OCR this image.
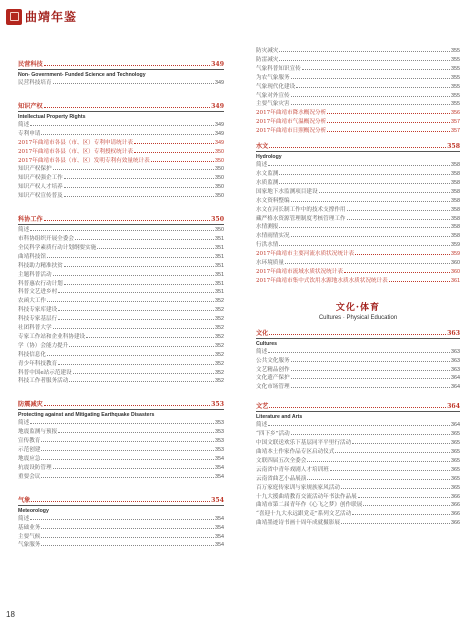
曲靖年鉴
民营科技	349
Non- Government- Funded Science and Technology
民营科技培育	349
知识产权	349
Intellectual Property Rights
简述	349
专利申请	349
2017年曲靖市各县（市、区）专利申请统计表	349
2017年曲靖市各县（市、区）专利授权统计表	350
2017年曲靖市各县（市、区）发明专利有效量统计表	350
知识产权保护	350
知识产权强企工作	350
知识产权人才培养	350
知识产权宣传普及	350
科协工作	350
简述	350
市科协组织开展全委会	351
全民科学素质行动计划纲要实施	351
曲靖科技馆	351
科技助力精准扶贫	351
主题科普活动	351
科普惠农行动计划	351
科普文艺进乡村	351
农函大工作	352
科技专家库建设	352
科技专家基层行	352
社团科普大学	352
专家工作站和企业科协建设	352
学（协）会能力提升	352
科技信息化	352
青少年科技教育	352
科普中国e站示范建设	352
科技工作者服务活动	352
防震减灾	353
Protecting against and Mitigating Earthquake Disasters
简述	353
地震监测与预报	353
宣传教育	353
示范创建	353
地震应急	354
抗震设防管理	354
重要会议	354
气象	354
Meteorology
简述	354
基础业务	354
主要气候	354
气象服务	354
防灾减灾	355
防雷减灾	355
气象科普知识宣传	355
为农气象服务	355
气象现代化建设	355
气象对外宣传	355
主要气象灾害	355
2017年曲靖市降水概况分析	356
2017年曲靖市气温概况分析	357
2017年曲靖市日照概况分析	357
水文	358
Hydrology
简述	358
水文监测	358
水质监测	358
国家地下水监测项目建设	358
水文资料整编	358
水文在河长制工作中的技术支撑作用	358
藏严格水资源管理制度考核管理工作	358
水情测报	358
水情雨情实况	358
行洪水情	359
2017年曲靖市主要河流水质状况统计表	359
水环境质量	360
2017年曲靖市流域水质状况统计表	360
2017年曲靖市集中式饮用水源地水质水质状况统计表	361
文化·体育
Cultures · Physical Education
文化	363
Cultures
简述	363
公共文化服务	363
文艺精品创作	363
文化遗产保护	364
文化市场管理	364
文艺	364
Literature and Arts
简述	364
“四下乡”活动	365
中国文联送欢乐下基层同平平里行活动	365
曲靖本土作家作品专区启动仪式	365
文联四届五次全委会	365
云南省中青年戏剧人才培训班	365
云南省曲艺小品展演	365
百万家庭传家训与家规族家风活动	365
十九大援曲靖教育交流活动年书法作品展	366
曲靖市第二届青年作《心飞之梦》创作联展	366
“喜迎十九大永远跟党走”系列文艺活动	366
曲靖墨迹诗书画十周年成就摄影展	366
18
